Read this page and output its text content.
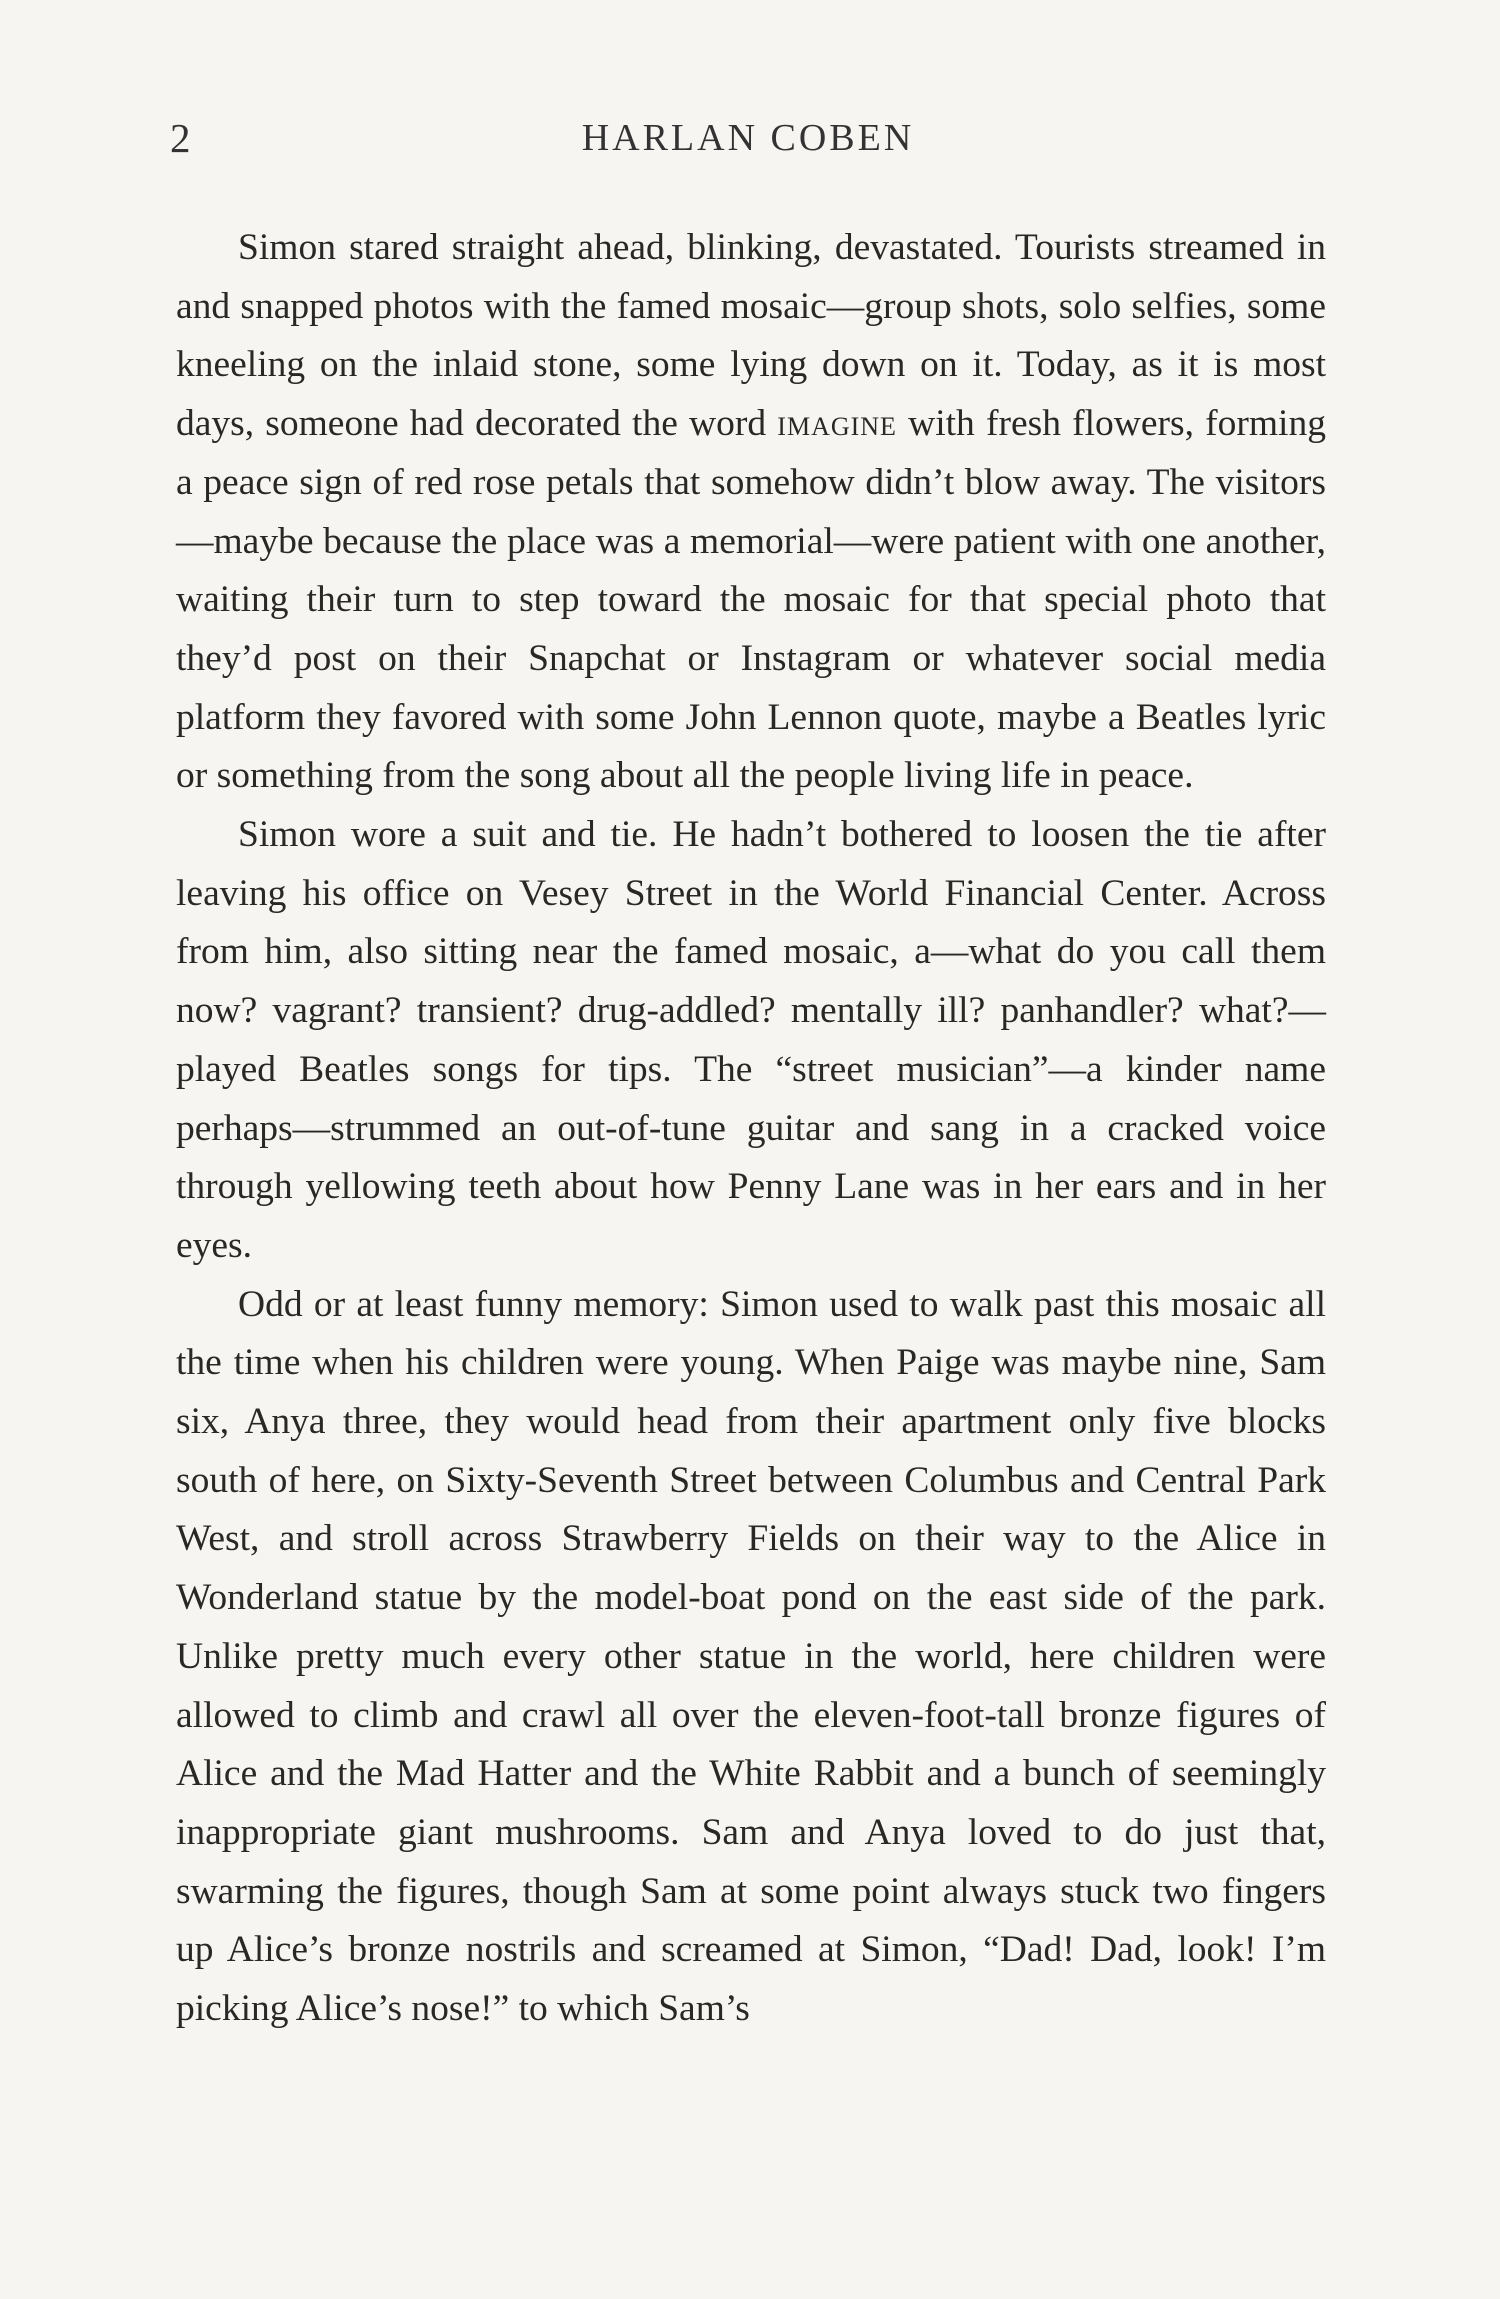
2	HARLAN COBEN

Simon stared straight ahead, blinking, devastated. Tourists streamed in and snapped photos with the famed mosaic—group shots, solo selfies, some kneeling on the inlaid stone, some lying down on it. Today, as it is most days, someone had decorated the word imagine with fresh flowers, forming a peace sign of red rose petals that somehow didn’t blow away. The visitors—maybe because the place was a memorial—were patient with one another, waiting their turn to step toward the mosaic for that special photo that they’d post on their Snapchat or Instagram or whatever social media platform they favored with some John Lennon quote, maybe a Beatles lyric or something from the song about all the people living life in peace.

Simon wore a suit and tie. He hadn’t bothered to loosen the tie after leaving his office on Vesey Street in the World Financial Center. Across from him, also sitting near the famed mosaic, a—what do you call them now? vagrant? transient? drug-addled? mentally ill? panhandler? what?—played Beatles songs for tips. The “street musician”—a kinder name perhaps—strummed an out-of-tune guitar and sang in a cracked voice through yellowing teeth about how Penny Lane was in her ears and in her eyes.

Odd or at least funny memory: Simon used to walk past this mosaic all the time when his children were young. When Paige was maybe nine, Sam six, Anya three, they would head from their apartment only five blocks south of here, on Sixty-Seventh Street between Columbus and Central Park West, and stroll across Strawberry Fields on their way to the Alice in Wonderland statue by the model-boat pond on the east side of the park. Unlike pretty much every other statue in the world, here children were allowed to climb and crawl all over the eleven-foot-tall bronze figures of Alice and the Mad Hatter and the White Rabbit and a bunch of seemingly inappropriate giant mushrooms. Sam and Anya loved to do just that, swarming the figures, though Sam at some point always stuck two fingers up Alice’s bronze nostrils and screamed at Simon, “Dad! Dad, look! I’m picking Alice’s nose!” to which Sam’s
